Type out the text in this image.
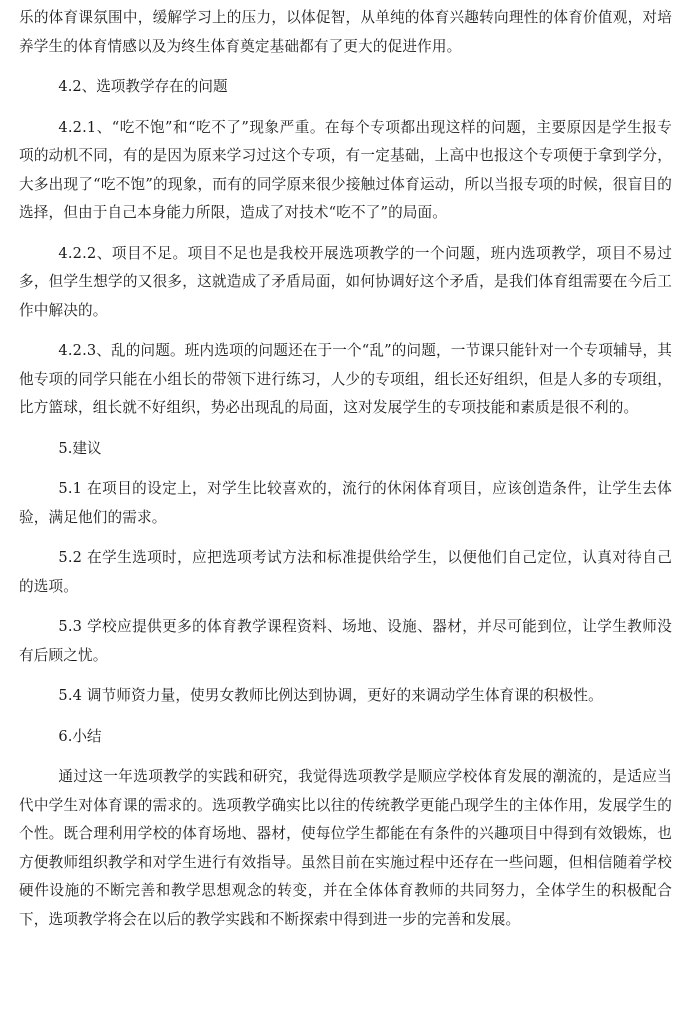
乐的体育课氛围中，缓解学习上的压力，以体促智，从单纯的体育兴趣转向理性的体育价值观，对培养学生的体育情感以及为终生体育奠定基础都有了更大的促进作用。

4.2、选项教学存在的问题

4.2.1、“吃不饱”和“吃不了”现象严重。在每个专项都出现这样的问题，主要原因是学生报专项的动机不同，有的是因为原来学习过这个专项，有一定基础，上高中也报这个专项便于拿到学分，大多出现了“吃不饱”的现象，而有的同学原来很少接触过体育运动，所以当报专项的时候，很盲目的选择，但由于自己本身能力所限，造成了对技术“吃不了”的局面。

4.2.2、项目不足。项目不足也是我校开展选项教学的一个问题，班内选项教学，项目不易过多，但学生想学的又很多，这就造成了矛盾局面，如何协调好这个矛盾，是我们体育组需要在今后工作中解决的。

4.2.3、乱的问题。班内选项的问题还在于一个“乱”的问题，一节课只能针对一个专项辅导，其他专项的同学只能在小组长的带领下进行练习，人少的专项组，组长还好组织，但是人多的专项组，比方篮球，组长就不好组织，势必出现乱的局面，这对发展学生的专项技能和素质是很不利的。

5.建议

5.1 在项目的设定上，对学生比较喜欢的，流行的休闲体育项目，应该创造条件，让学生去体验，满足他们的需求。

5.2 在学生选项时，应把选项考试方法和标准提供给学生，以便他们自己定位，认真对待自己的选项。

5.3 学校应提供更多的体育教学课程资料、场地、设施、器材，并尽可能到位，让学生教师没有后顾之忧。

5.4 调节师资力量，使男女教师比例达到协调，更好的来调动学生体育课的积极性。

6.小结

通过这一年选项教学的实践和研究，我觉得选项教学是顺应学校体育发展的潮流的，是适应当代中学生对体育课的需求的。选项教学确实比以往的传统教学更能凸现学生的主体作用，发展学生的个性。既合理利用学校的体育场地、器材，使每位学生都能在有条件的兴趣项目中得到有效锻炼，也方便教师组织教学和对学生进行有效指导。虽然目前在实施过程中还存在一些问题，但相信随着学校硬件设施的不断完善和教学思想观念的转变，并在全体体育教师的共同努力，全体学生的积极配合下，选项教学将会在以后的教学实践和不断探索中得到进一步的完善和发展。
